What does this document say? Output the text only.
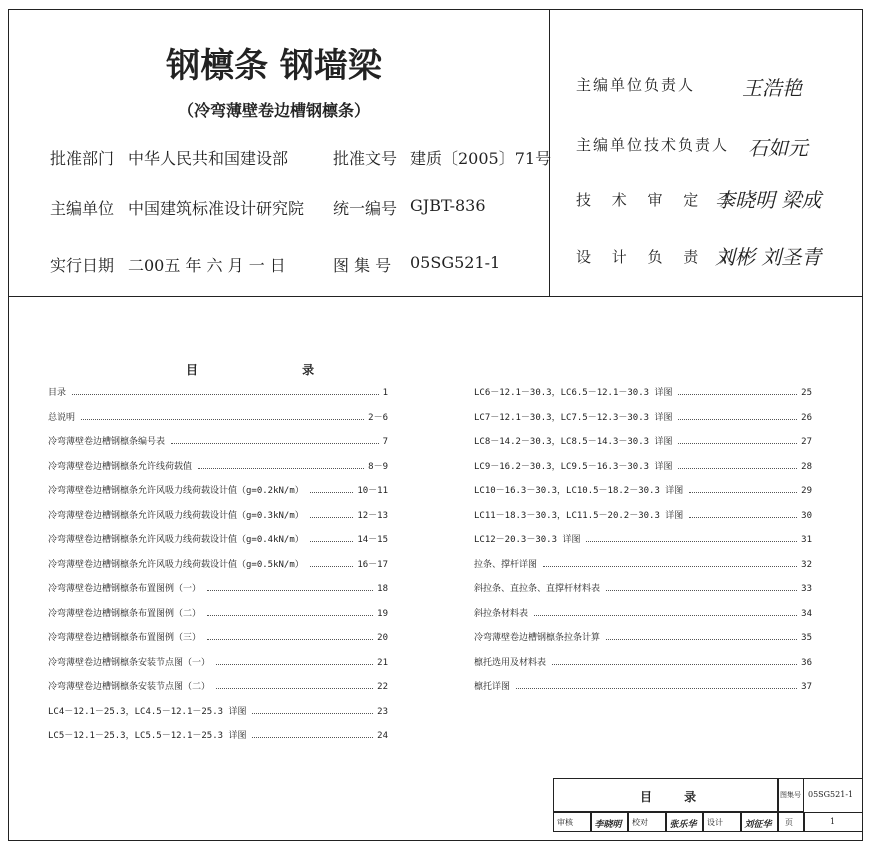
钢檩条 钢墙梁
（冷弯薄壁卷边槽钢檩条）
批准部门 中华人民共和国建设部	批准文号 建质〔2005〕71号
主编单位 中国建筑标准设计研究院 统一编号 GJBT-836
实行日期 二00五 年 六 月 一 日	图 集 号 05SG521-1
主编单位负责人 王浩艳
主编单位技术负责人 石如元
技 术 审 定 人
李晓明 梁成
设 计 负 责 人
刘彬 刘圣青
目 录
目录	1
总说明	2－6
冷弯薄壁卷边槽钢檩条编号表	7
冷弯薄壁卷边槽钢檩条允许线荷载值	8－9
冷弯薄壁卷边槽钢檩条允许风吸力线荷载设计值（g=0.2kN/m）	10－11
冷弯薄壁卷边槽钢檩条允许风吸力线荷载设计值（g=0.3kN/m）	12－13
冷弯薄壁卷边槽钢檩条允许风吸力线荷载设计值（g=0.4kN/m）	14－15
冷弯薄壁卷边槽钢檩条允许风吸力线荷载设计值（g=0.5kN/m）	16－17
冷弯薄壁卷边槽钢檩条布置图例（一）	18
冷弯薄壁卷边槽钢檩条布置图例（二）	19
冷弯薄壁卷边槽钢檩条布置图例（三）	20
冷弯薄壁卷边槽钢檩条安装节点图（一）	21
冷弯薄壁卷边槽钢檩条安装节点图（二）	22
LC4－12.1－25.3，LC4.5－12.1－25.3 详图	23
LC5－12.1－25.3，LC5.5－12.1－25.3 详图	24
LC6－12.1－30.3，LC6.5－12.1－30.3 详图	25
LC7－12.1－30.3，LC7.5－12.3－30.3 详图	26
LC8－14.2－30.3，LC8.5－14.3－30.3 详图	27
LC9－16.2－30.3，LC9.5－16.3－30.3 详图	28
LC10－16.3－30.3，LC10.5－18.2－30.3 详图	29
LC11－18.3－30.3，LC11.5－20.2－30.3 详图	30
LC12－20.3－30.3 详图	31
拉条、撑杆详图	32
斜拉条、直拉条、直撑杆材料表	33
斜拉条材料表	34
冷弯薄壁卷边槽钢檩条拉条计算	35
檩托选用及材料表	36
檩托详图	37
目 录	图集号 05SG521-1
审核 李晓明 校对 张乐华 设计 刘征华 页	1
